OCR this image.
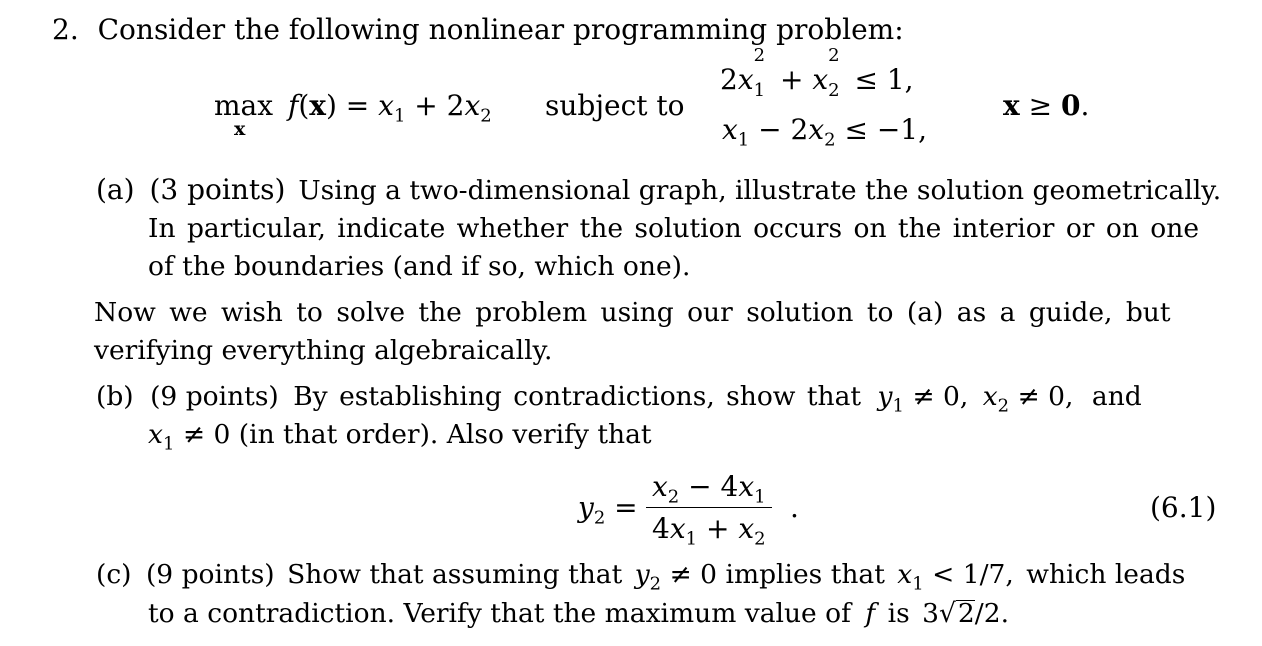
2. Consider the following nonlinear programming problem:
max
x
$f(x) = x_1 + 2x_2$ subject to
2x
$_{2 1}$ + x
$_{2 2}$ ≤ 1,
$x_1 - 2x_2 \le -1$,
x ≥ 0.
(a) (3 points) Using a two-dimensional graph, illustrate the solution geometrically.
In particular, indicate whether the solution occurs on the interior or on one
of the boundaries (and if so, which one).
Now we wish to solve the problem using our solution to (a) as a guide, but
verifying everything algebraically.
(b) (9 points) By establishing contradictions, show that $y_1 \ne 0$, $x_2 \ne 0$, and
$x_1 \ne 0$ (in that order). Also verify that
$y_2 = \frac{x_2 - 4x_1}{4x_1 + x_2}$ .	(6.1)
(c) (9 points) Show that assuming that $y_2 \ne 0$ implies that $x_1 < 1/7$, which leads
to a contradiction. Verify that the maximum value of f is 3√2/2.
